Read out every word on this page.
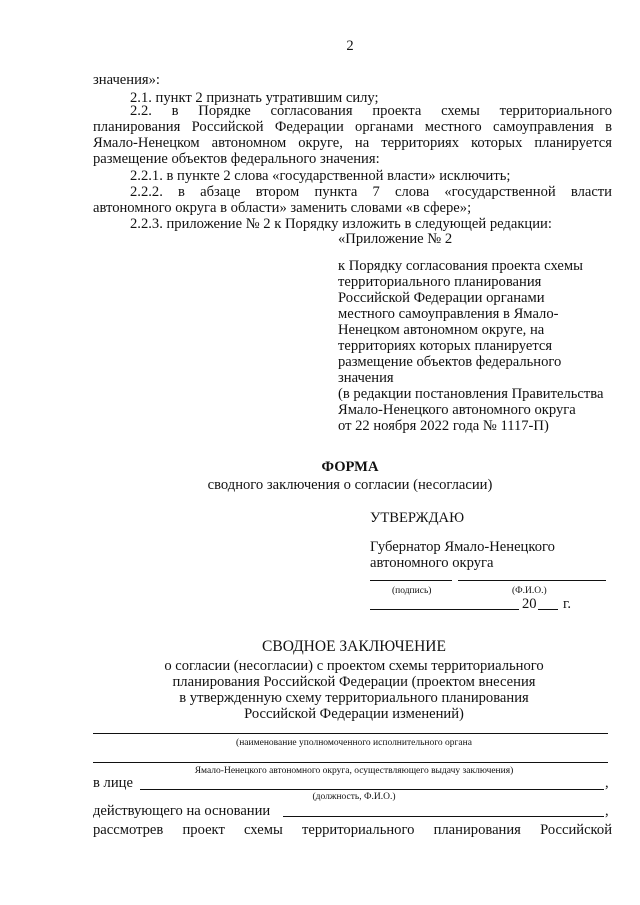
2
значения»:
2.1. пункт 2 признать утратившим силу;
2.2. в Порядке согласования проекта схемы территориального
планирования Российской Федерации органами местного самоуправления в
Ямало-Ненецком автономном округе, на территориях которых планируется
размещение объектов федерального значения:
2.2.1. в пункте 2 слова «государственной власти» исключить;
2.2.2. в абзаце втором пункта 7 слова «государственной власти
автономного округа в области» заменить словами «в сфере»;
2.2.3. приложение № 2 к Порядку изложить в следующей редакции:
«Приложение № 2
к Порядку согласования проекта схемы
территориального планирования
Российской Федерации органами
местного самоуправления в Ямало-
Ненецком автономном округе, на
территориях которых планируется
размещение объектов федерального
значения
(в редакции постановления Правительства
Ямало-Ненецкого автономного округа
от 22 ноября 2022 года № 1117-П)
ФОРМА
сводного заключения о согласии (несогласии)
УТВЕРЖДАЮ
Губернатор Ямало-Ненецкого
автономного округа
(подпись)	(Ф.И.О.)
20 г.
СВОДНОЕ ЗАКЛЮЧЕНИЕ
о согласии (несогласии) с проектом схемы территориального
планирования Российской Федерации (проектом внесения
в утвержденную схему территориального планирования
Российской Федерации изменений)
(наименование уполномоченного исполнительного органа
Ямало-Ненецкого автономного округа, осуществляющего выдачу заключения)
в лице	,
(должность, Ф.И.О.)
действующего на основании	,
рассмотрев проект схемы территориального планирования Российской
